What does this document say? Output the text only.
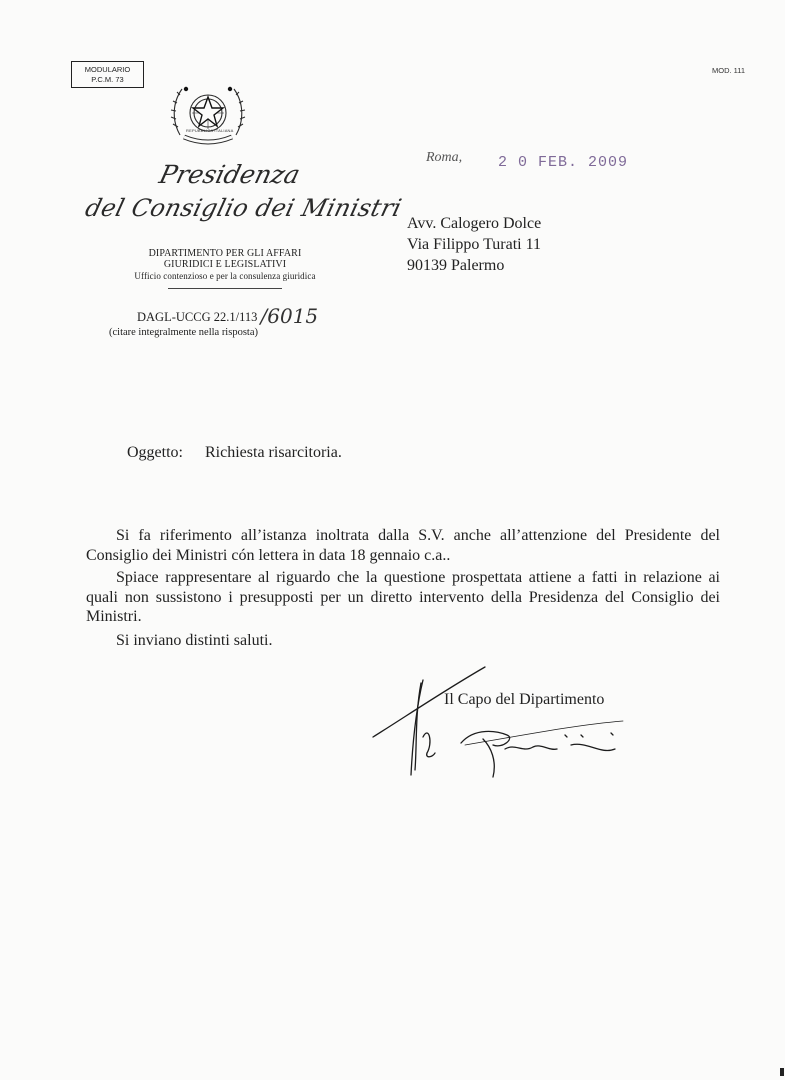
MODULARIO
P.C.M. 73
MOD. 111
REPUBBLICA ITALIANA
Presidenza
del Consiglio dei Ministri
DIPARTIMENTO PER GLI AFFARI
GIURIDICI E LEGISLATIVI
Ufficio contenzioso e per la consulenza giuridica
DAGL-UCCG 22.1/113 /6015
(citare integralmente nella risposta)
Roma, 2 0 FEB. 2009
Avv. Calogero Dolce
Via Filippo Turati 11
90139 Palermo
Oggetto: Richiesta risarcitoria.
Si fa riferimento all’istanza inoltrata dalla S.V. anche all’attenzione del Presidente del Consiglio dei Ministri cón lettera in data 18 gennaio c.a..
Spiace rappresentare al riguardo che la questione prospettata attiene a fatti in relazione ai quali non sussistono i presupposti per un diretto intervento della Presidenza del Consiglio dei Ministri.
Si inviano distinti saluti.
Il Capo del Dipartimento
